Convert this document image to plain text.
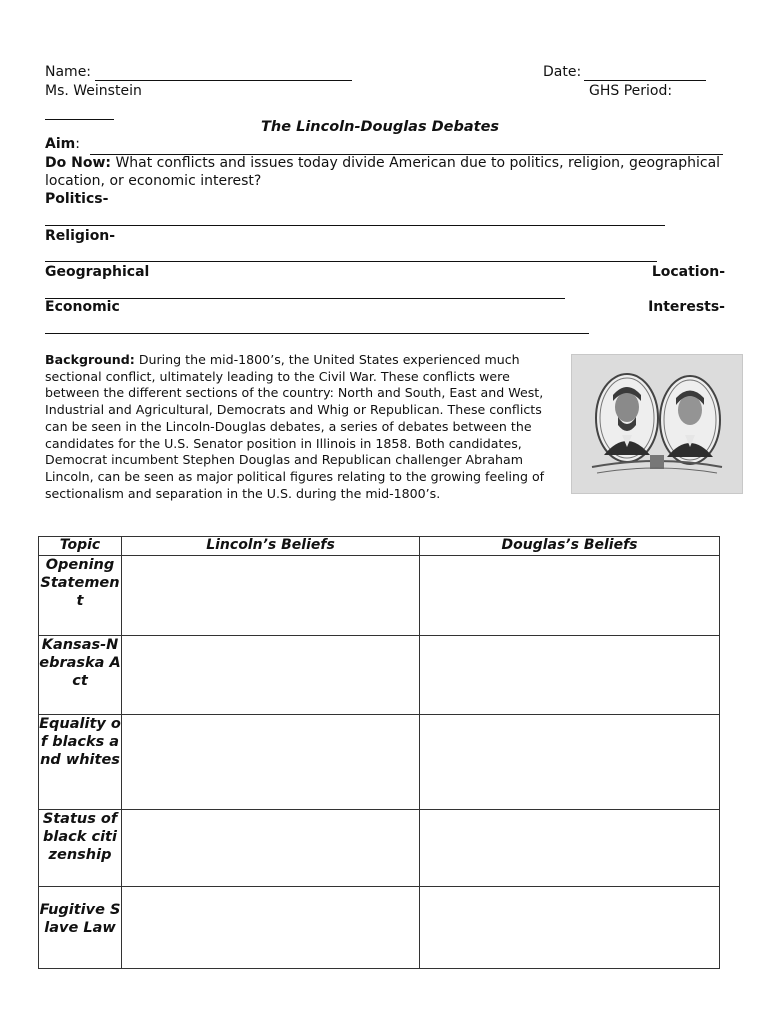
Name:	Date:
Ms. Weinstein	GHS Period:
The Lincoln-Douglas Debates
Aim:
Do Now: What conflicts and issues today divide American due to politics, religion, geographical location, or economic interest?
Politics-
Religion-
Geographical	Location-
Economic	Interests-
Background: During the mid-1800’s, the United States experienced much sectional conflict, ultimately leading to the Civil War. These conflicts were between the different sections of the country: North and South, East and West, Industrial and Agricultural, Democrats and Whig or Republican. These conflicts can be seen in the Lincoln-Douglas debates, a series of debates between the candidates for the U.S. Senator position in Illinois in 1858. Both candidates, Democrat incumbent Stephen Douglas and Republican challenger Abraham Lincoln, can be seen as major political figures relating to the growing feeling of sectionalism and separation in the U.S. during the mid-1800’s.
Topic	Lincoln’s Beliefs	Douglas’s Beliefs
Opening Statement		
Kansas-Nebraska Act		
Equality of blacks and whites		
Status of black citizenship		
Fugitive Slave Law		
